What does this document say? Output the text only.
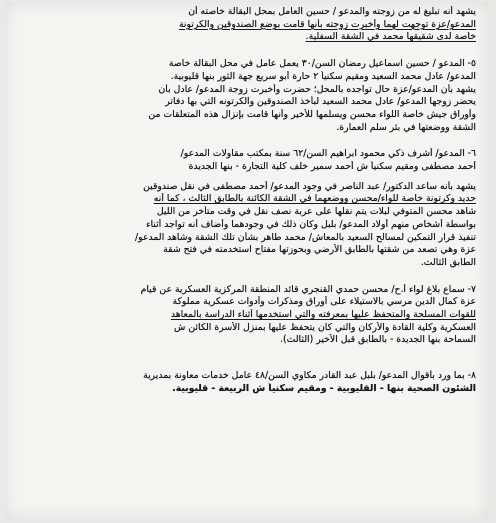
يشهد أنه تبليغ له من زوجته والمدعو / حسين العامل بمحل البقالة خاصته أن
المدعو/عزة توجهت لهما وأخبرت زوجته بأنها قامت بوضع الصندوقين والكرتونة
خاصة لدى شقيقها محمد في الشقة السفلية.
٥- المدعو / حسين اسماعيل رمضان السن/٣٠ يعمل عامل في محل البقالة خاصة
المدعو/ عادل محمد السعيد ومقيم سكنياً ٢ حارة أبو سريع جهة الثور بنها قليوبية.
يشهد بأن المدعو/عزة حال تواجده بالمحل؛ حضرت وأخبرت زوجة المدعو/ عادل بأن
يحضر زوجها المدعو/ عادل محمد السعيد لبأخذ الصندوقين والكرتونه التي بها دفاتر
وأوراق جيش خاصة اللواء محسن ويسلمها للأخير وأنها قامت بإنزال هذه المتعلقات من
الشقة ووضعتها في بئر سلم العمارة.
٦- المدعو/ أشرف ذكي محمود ابراهيم السن/٦٢ سنة بمكتب مقاولات المدعو/
أحمد مصطفى ومقيم سكنياً ش أحمد سمير خلف كلية التجارة - بنها الجديدة
يشهد بأنه ساعد الدكتور/ عبد الناصر في وجود المدعو/ أحمد مصطفى في نقل صندوقين
حديد وكرتونة خاصة للواء/محسن ووضعهما في الشقة الكائنة بالطابق الثالث ، كما أنه
شاهد محسن المتوفي لبلات يتم نقلها على عربة نصف نقل في وقت متأخر من الليل
بواسطة أشخاص منهم أولاد المدعو/ بلبل وكان ذلك في وجودهما وأضاف أنه تواجد أثناء
تنفيذ قرار التمكين لمسالح السعيد بالمعاش/ محمد طاهر بشأن تلك الشقة وشاهد المدعو/
عزة وهي تصعد من شقتها بالطابق الأرضي وبحوزتها مفتاح استخدمته في فتح شقة
الطابق الثالث.
٧- سماع بلاغ لواء أ.ح/ محسن حمدي القنجري قائد المنطقة المركزية العسكرية عن قيام
عزة كمال الدين مرسي بالاستيلاء على أوراق ومذكرات وأدوات عسكرية مملوكة
للقوات المسلحة والمتحفظ عليها بمعرفته والتي استخدمها أثناء الدراسة بالمعاهد
العسكرية وكلية القادة والأركان والتي كان يتحفظ عليها بمنزل الأسرة الكائن ش
السماحة بنها الجديدة - بالطابق قبل الأخير (الثالث).
٨- بما ورد بأقوال المدعو/ بلبل عبد القادر مكاوي السن/٤٨ عامل خدمات معاونة بمديرية
الشئون الصحية بنها - القليوبية - ومقيم سكنياً ش الربيعة - قليوبية.
